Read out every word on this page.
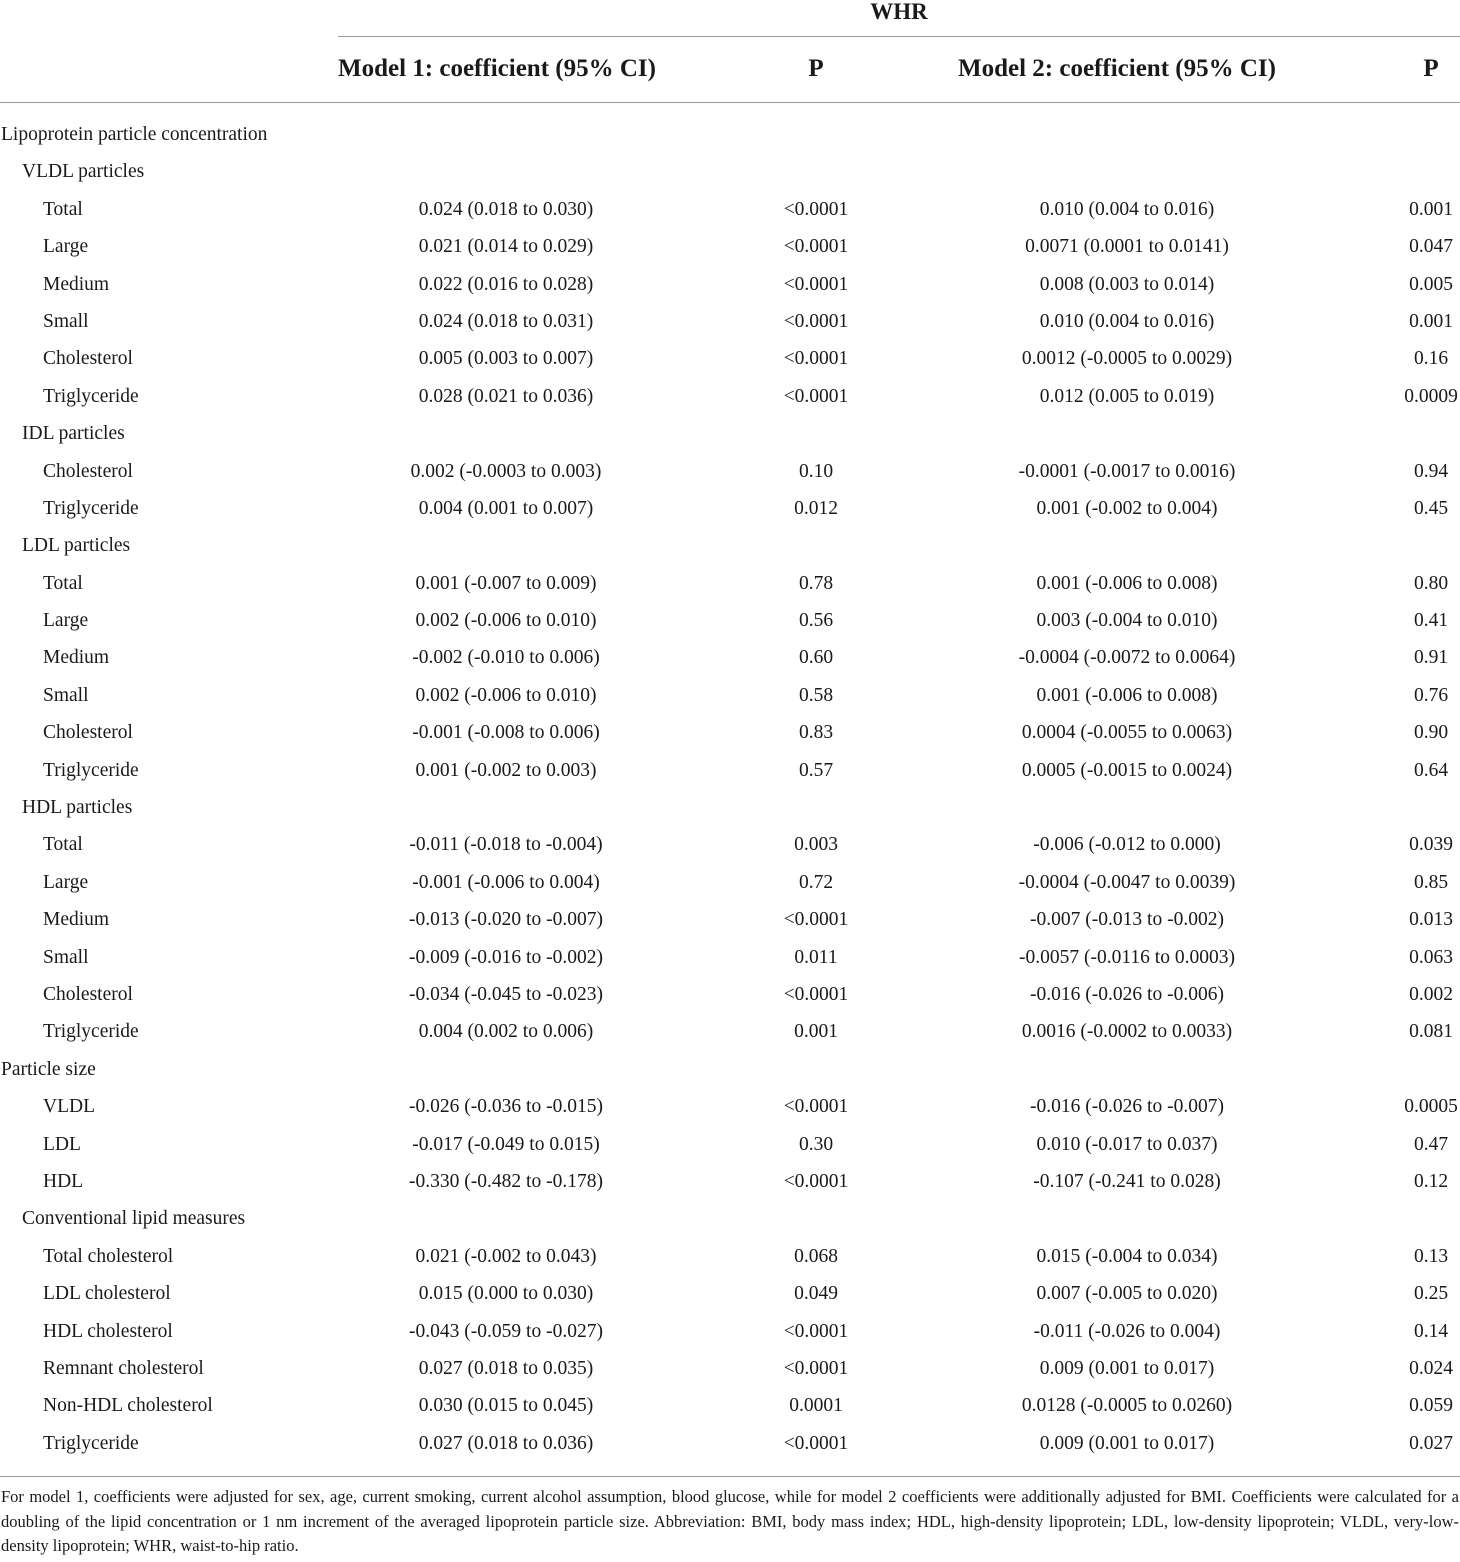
WHR
Model 1: coefficient (95% CI)	P	Model 2: coefficient (95% CI)	P
Lipoprotein particle concentration
VLDL particles
Total	0.024 (0.018 to 0.030)	<0.0001	0.010 (0.004 to 0.016)	0.001
Large	0.021 (0.014 to 0.029)	<0.0001	0.0071 (0.0001 to 0.0141)	0.047
Medium	0.022 (0.016 to 0.028)	<0.0001	0.008 (0.003 to 0.014)	0.005
Small	0.024 (0.018 to 0.031)	<0.0001	0.010 (0.004 to 0.016)	0.001
Cholesterol	0.005 (0.003 to 0.007)	<0.0001	0.0012 (-0.0005 to 0.0029)	0.16
Triglyceride	0.028 (0.021 to 0.036)	<0.0001	0.012 (0.005 to 0.019)	0.0009
IDL particles
Cholesterol	0.002 (-0.0003 to 0.003)	0.10	-0.0001 (-0.0017 to 0.0016)	0.94
Triglyceride	0.004 (0.001 to 0.007)	0.012	0.001 (-0.002 to 0.004)	0.45
LDL particles
Total	0.001 (-0.007 to 0.009)	0.78	0.001 (-0.006 to 0.008)	0.80
Large	0.002 (-0.006 to 0.010)	0.56	0.003 (-0.004 to 0.010)	0.41
Medium	-0.002 (-0.010 to 0.006)	0.60	-0.0004 (-0.0072 to 0.0064)	0.91
Small	0.002 (-0.006 to 0.010)	0.58	0.001 (-0.006 to 0.008)	0.76
Cholesterol	-0.001 (-0.008 to 0.006)	0.83	0.0004 (-0.0055 to 0.0063)	0.90
Triglyceride	0.001 (-0.002 to 0.003)	0.57	0.0005 (-0.0015 to 0.0024)	0.64
HDL particles
Total	-0.011 (-0.018 to -0.004)	0.003	-0.006 (-0.012 to 0.000)	0.039
Large	-0.001 (-0.006 to 0.004)	0.72	-0.0004 (-0.0047 to 0.0039)	0.85
Medium	-0.013 (-0.020 to -0.007)	<0.0001	-0.007 (-0.013 to -0.002)	0.013
Small	-0.009 (-0.016 to -0.002)	0.011	-0.0057 (-0.0116 to 0.0003)	0.063
Cholesterol	-0.034 (-0.045 to -0.023)	<0.0001	-0.016 (-0.026 to -0.006)	0.002
Triglyceride	0.004 (0.002 to 0.006)	0.001	0.0016 (-0.0002 to 0.0033)	0.081
Particle size
VLDL	-0.026 (-0.036 to -0.015)	<0.0001	-0.016 (-0.026 to -0.007)	0.0005
LDL	-0.017 (-0.049 to 0.015)	0.30	0.010 (-0.017 to 0.037)	0.47
HDL	-0.330 (-0.482 to -0.178)	<0.0001	-0.107 (-0.241 to 0.028)	0.12
Conventional lipid measures
Total cholesterol	0.021 (-0.002 to 0.043)	0.068	0.015 (-0.004 to 0.034)	0.13
LDL cholesterol	0.015 (0.000 to 0.030)	0.049	0.007 (-0.005 to 0.020)	0.25
HDL cholesterol	-0.043 (-0.059 to -0.027)	<0.0001	-0.011 (-0.026 to 0.004)	0.14
Remnant cholesterol	0.027 (0.018 to 0.035)	<0.0001	0.009 (0.001 to 0.017)	0.024
Non-HDL cholesterol	0.030 (0.015 to 0.045)	0.0001	0.0128 (-0.0005 to 0.0260)	0.059
Triglyceride	0.027 (0.018 to 0.036)	<0.0001	0.009 (0.001 to 0.017)	0.027
For model 1, coefficients were adjusted for sex, age, current smoking, current alcohol assumption, blood glucose, while for model 2 coefficients were additionally adjusted for BMI. Coefficients were calculated for a doubling of the lipid concentration or 1 nm increment of the averaged lipoprotein particle size. Abbreviation: BMI, body mass index; HDL, high-density lipoprotein; LDL, low-density lipoprotein; VLDL, very-low-density lipoprotein; WHR, waist-to-hip ratio.
